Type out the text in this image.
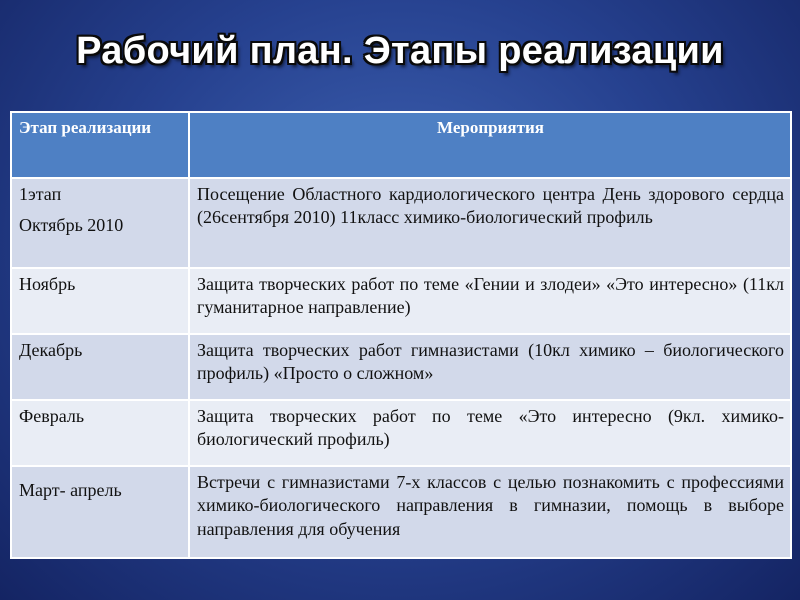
Рабочий план. Этапы реализации
Этап реализации	Мероприятия

1этап
Октябрь 2010	Посещение Областного кардиологического центра День здорового сердца (26сентября 2010) 11класс химико-биологический профиль

Ноябрь	Защита творческих работ по теме «Гении и злодеи» «Это интересно» (11кл гуманитарное направление)

Декабрь	Защита творческих работ гимназистами (10кл химико – биологического профиль) «Просто о сложном»

Февраль	Защита творческих работ по теме «Это интересно (9кл. химико-биологический профиль)

Март- апрель	Встречи с гимназистами 7-х классов с целью познакомить с профессиями химико-биологического направления в гимназии, помощь в выборе направления для обучения
